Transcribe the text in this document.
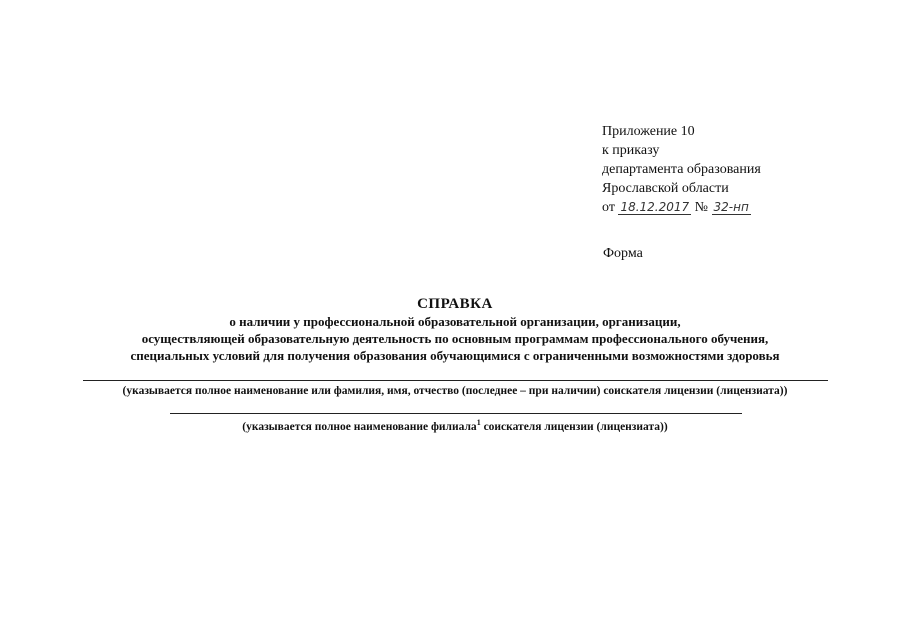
Приложение 10
к приказу
департамента образования
Ярославской области
от 18.12.2017 № 32-нп
Форма
СПРАВКА
о наличии у профессиональной образовательной организации, организации,
осуществляющей образовательную деятельность по основным программам профессионального обучения,
специальных условий для получения образования обучающимися с ограниченными возможностями здоровья
(указывается полное наименование или фамилия, имя, отчество (последнее – при наличии) соискателя лицензии (лицензиата))
(указывается полное наименование филиала$^1$ соискателя лицензии (лицензиата))
